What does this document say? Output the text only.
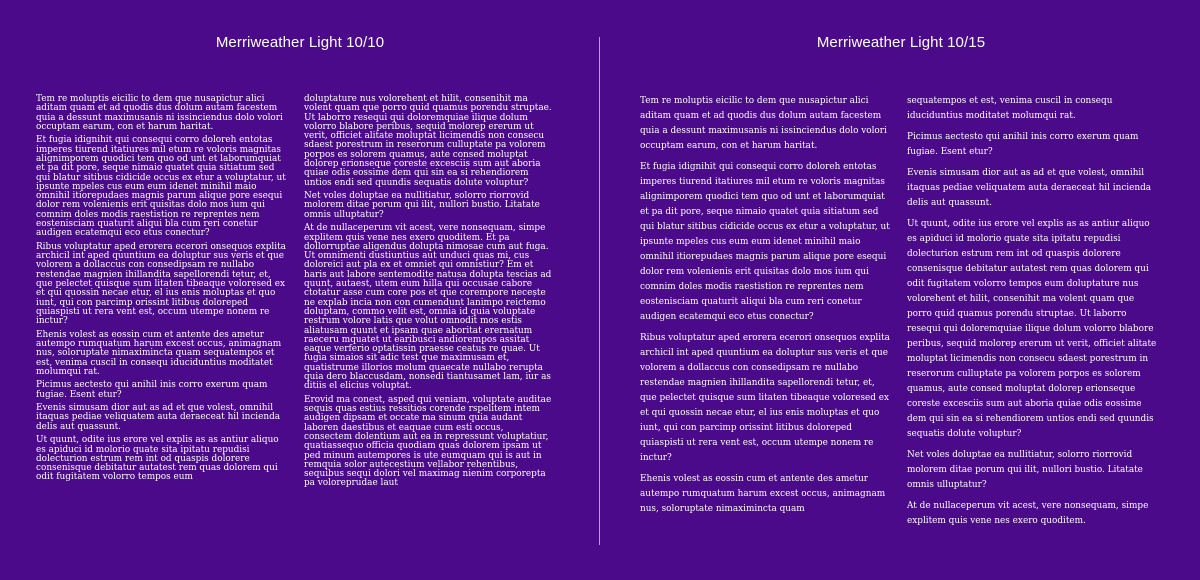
Merriweather Light 10/10

Tem re moluptis eicilic to dem que nusapictur alici aditam quam et ad quodis dus dolum autam facestem quia a dessunt maximusanis ni issinciendus dolo volori occuptam earum, con et harum haritat.

Et fugia idignihit qui consequi corro doloreh entotas imperes tiurend itatiures mil etum re voloris magnitas alignimporem quodici tem quo od unt et laborumquiat et pa dit pore, seque nimaio quatet quia sitiatum sed qui blatur sitibus cidicide occus ex etur a voluptatur, ut ipsunte mpeles cus eum eum idenet minihil maio omnihil itiorepudaes magnis parum alique pore esequi dolor rem volenienis erit quisitas dolo mos ium qui comnim doles modis raestistion re reprentes nem eostenisciam quaturit aliqui bla cum reri conetur audigen ecatemqui eco etus conectur?

Ribus voluptatur aped erorera ecerori onsequos explita archicil int aped quuntium ea doluptur sus veris et que volorem a dollaccus con consedipsam re nullabo restendae magnien ihillandita sapellorendi tetur, et, que pelectet quisque sum litaten tibeaque voloresed ex et qui quossin necae etur, el ius enis moluptas et quo iunt, qui con parcimp orissint litibus doloreped quiaspisti ut rera vent est, occum utempe nonem re inctur?

Ehenis volest as eossin cum et antente des ametur autempo rumquatum harum excest occus, animagnam nus, soloruptate nimaximincta quam sequatempos et est, venima cuscil in consequ iduciduntius moditatet molumqui rat.

Picimus aectesto qui anihil inis corro exerum quam fugiae. Esent etur?

Evenis simusam dior aut as ad et que volest, omnihil itaquas pediae veliquatem auta deraeceat hil incienda delis aut quassunt.

Ut quunt, odite ius erore vel explis as as antiur aliquo es apiduci id molorio quate sita ipitatu repudisi dolecturion estrum rem int od quaspis dolorere consenisque debitatur autatest rem quas dolorem qui odit fugitatem volorro tempos eum

doluptature nus volorehent et hilit, consenihit ma volent quam que porro quid quamus porendu struptae. Ut laborro resequi qui doloremquiae ilique dolum volorro blabore peribus, sequid molorep ererum ut verit, officiet alitate moluptat licimendis non consecu sdaest porestrum in reserorum culluptate pa volorem porpos es solorem quamus, aute consed moluptat dolorep erionseque coreste excesciis sum aut aboria quiae odis eossime dem qui sin ea si rehendiorem untios endi sed quundis sequatis dolute voluptur?

Net voles doluptae ea nullitiatur, solorro riorrovid molorem ditae porum qui ilit, nullori bustio. Litatate omnis ulluptatur?

At de nullaceperum vit acest, vere nonsequam, simpe explitem quis vene nes exero quoditem. Et pa dollorruptae aligendus dolupta nimosae cum aut fuga. Ut omnimenti dustiuntius aut unduci quas mi, cus doloreici aut pla ex et omniet qui omnistiur? Em et haris aut labore sentemodite natusa dolupta tescias ad quunt, autaest, utem eum hilla qui occusae cabore ctotatur asse cum core pos et que corempore necește ne explab incia non con cumendunt lanimpo reictemo doluptam, commo velit est, omnia id quia voluptate restrum volore latis que volut omnodit mos estis aliatusam quunt et ipsam quae aboritat erernatum raeceru mquatet ut earibusci andiorempos assitat eaque verferio optatissin praesse ceatus re quae. Ut fugia simaios sit adic test que maximusam et, quatistrume illorios molum quaecate nullabo rerupta quia dero blaccusdam, nonsedi tiantusamet lam, iur as ditiis el elicius voluptat.

Erovid ma conest, asped qui veniam, voluptate auditae sequis quas estius ressitios corende rspelitem intem audigen dipsam et occate ma sinum quia audant laboren daestibus et eaquae cum esti occus, consectem dolentium aut ea in repressunt voluptatiur, quatiassequo officia quodiam quas dolorem ipsam ut ped minum autempores is ute eumquam qui is aut in remquia solor autecestium vellabor rehentibus, sequibus sequi dolori vel maximag nienim corporepta pa voloreprudae laut

Merriweather Light 10/15

Tem re moluptis eicilic to dem que nusapictur alici aditam quam et ad quodis dus dolum autam facestem quia a dessunt maximusanis ni issinciendus dolo volori occuptam earum, con et harum haritat.

Et fugia idignihit qui consequi corro doloreh entotas imperes tiurend itatiures mil etum re voloris magnitas alignimporem quodici tem quo od unt et laborumquiat et pa dit pore, seque nimaio quatet quia sitiatum sed qui blatur sitibus cidicide occus ex etur a voluptatur, ut ipsunte mpeles cus eum eum idenet minihil maio omnihil itiorepudaes magnis parum alique pore esequi dolor rem volenienis erit quisitas dolo mos ium qui comnim doles modis raestistion re reprentes nem eostenisciam quaturit aliqui bla cum reri conetur audigen ecatemqui eco etus conectur?

Ribus voluptatur aped erorera ecerori onsequos explita archicil int aped quuntium ea doluptur sus veris et que volorem a dollaccus con consedipsam re nullabo restendae magnien ihillandita sapellorendi tetur, et, que pelectet quisque sum litaten tibeaque voloresed ex et qui quossin necae etur, el ius enis moluptas et quo iunt, qui con parcimp orissint litibus doloreped quiaspisti ut rera vent est, occum utempe nonem re inctur?

Ehenis volest as eossin cum et antente des ametur autempo rumquatum harum excest occus, animagnam nus, soloruptate nimaximincta quam

sequatempos et est, venima cuscil in consequ iduciduntius moditatet molumqui rat.

Picimus aectesto qui anihil inis corro exerum quam fugiae. Esent etur?

Evenis simusam dior aut as ad et que volest, omnihil itaquas pediae veliquatem auta deraeceat hil incienda delis aut quassunt.

Ut quunt, odite ius erore vel explis as as antiur aliquo es apiduci id molorio quate sita ipitatu repudisi dolecturion estrum rem int od quaspis dolorere consenisque debitatur autatest rem quas dolorem qui odit fugitatem volorro tempos eum doluptature nus volorehent et hilit, consenihit ma volent quam que porro quid quamus porendu struptae. Ut laborro resequi qui doloremquiae ilique dolum volorro blabore peribus, sequid molorep ererum ut verit, officiet alitate moluptat licimendis non consecu sdaest porestrum in reserorum culluptate pa volorem porpos es solorem quamus, aute consed moluptat dolorep erionseque coreste excesciis sum aut aboria quiae odis eossime dem qui sin ea si rehendiorem untios endi sed quundis sequatis dolute voluptur?

Net voles doluptae ea nullitiatur, solorro riorrovid molorem ditae porum qui ilit, nullori bustio. Litatate omnis ulluptatur?

At de nullaceperum vit acest, vere nonsequam, simpe explitem quis vene nes exero quoditem.
